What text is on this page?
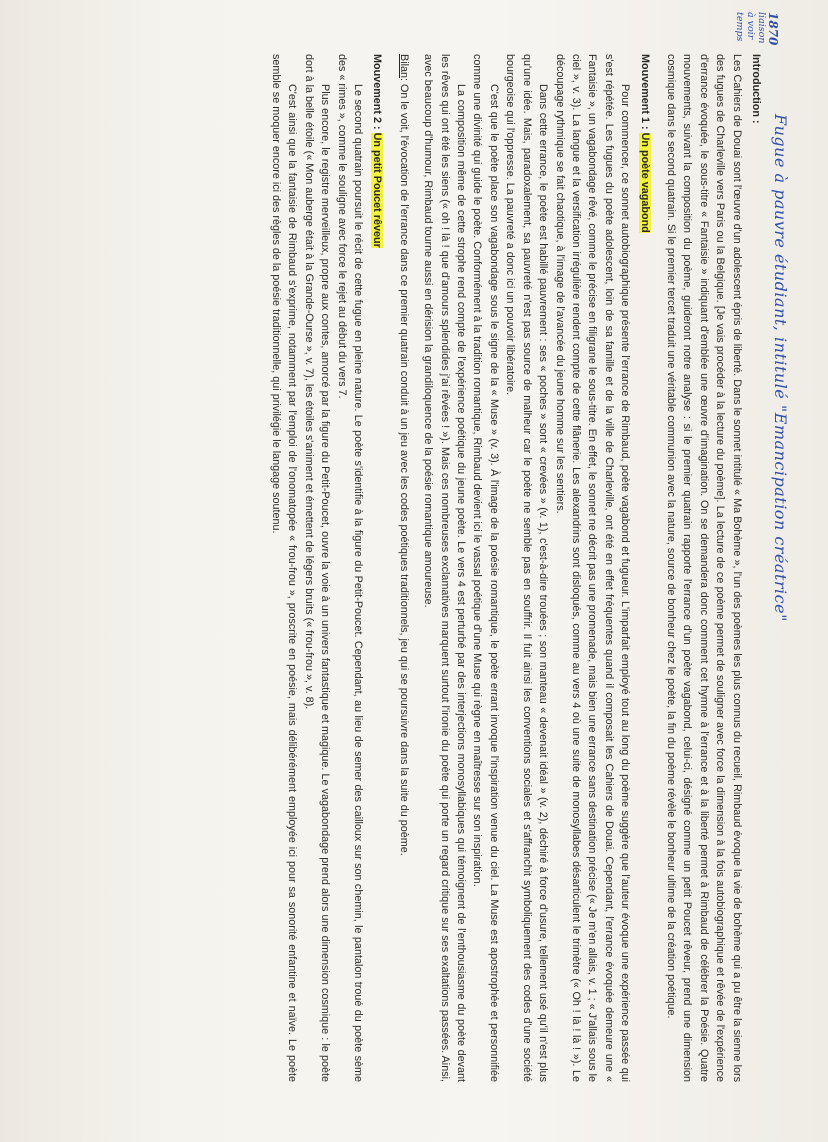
Fugue à pauvre étudiant, intitulé "Emancipation créatrice"
1870
liaison
à voir
temps
Introduction :

Les Cahiers de Douai sont l'œuvre d'un adolescent épris de liberté. Dans le sonnet intitulé « Ma Bohème », l'un des poèmes les plus connus du recueil, Rimbaud évoque la vie de bohème qui a pu être la sienne lors des fugues de Charleville vers Paris ou la Belgique. [Je vais procéder à la lecture du poème]. La lecture de ce poème permet de souligner avec force la dimension à la fois autobiographique et rêvée de l'expérience d'errance évoquée, le sous-titre « Fantaisie » indiquant d'emblée une œuvre d'imagination. On se demandera donc comment cet hymne à l'errance et à la liberté permet à Rimbaud de célébrer la Poésie. Quatre mouvements, suivant la composition du poème, guideront notre analyse : si le premier quatrain rapporte l'errance d'un poète vagabond, celui-ci, désigné comme un petit Poucet rêveur, prend une dimension cosmique dans le second quatrain. Si le premier tercet traduit une véritable communion avec la nature, source de bonheur chez le poète, la fin du poème révèle le bonheur ultime de la création poétique.

Mouvement 1 : Un poète vagabond

Pour commencer, ce sonnet autobiographique présente l'errance de Rimbaud, poète vagabond et fugueur. L'imparfait employé tout au long du poème suggère que l'auteur évoque une expérience passée qui s'est répétée. Les fugues du poète adolescent, loin de sa famille et de la ville de Charleville, ont été en effet fréquentes quand il composait les Cahiers de Douai. Cependant, l'errance évoquée demeure une « Fantaisie », un vagabondage rêvé, comme le précise en filigrane le sous-titre. En effet, le sonnet ne décrit pas une promenade, mais bien une errance sans destination précise (« Je m'en allais, v. 1 ; « J'allais sous le ciel », v. 3). La langue et la versification irrégulière rendent compte de cette flânerie. Les alexandrins sont disloqués, comme au vers 4 où une suite de monosyllabes désarticulent le trimètre (« Oh ! là ! là ! »). Le découpage rythmique se fait chaotique, à l'image de l'avancée du jeune homme sur les sentiers.

Dans cette errance, le poète est habillé pauvrement : ses « poches » sont « crevées » (v. 1), c'est-à-dire trouées ; son manteau « devenait idéal » (v. 2), déchiré à force d'usure, tellement usé qu'il n'est plus qu'une idée. Mais, paradoxalement, sa pauvreté n'est pas source de malheur car le poète ne semble pas en souffrir. Il fuit ainsi les conventions sociales et s'affranchit symboliquement des codes d'une société bourgeoise qui l'oppresse. La pauvreté a donc ici un pouvoir libératoire.

C'est que le poète place son vagabondage sous le signe de la « Muse » (v. 3). À l'image de la poésie romantique, le poète errant invoque l'inspiration venue du ciel. La Muse est apostrophée et personnifiée comme une divinité qui guide le poète. Conformément à la tradition romantique, Rimbaud devient ici le vassal poétique d'une Muse qui règne en maîtresse sur son inspiration.

La composition même de cette strophe rend compte de l'expérience poétique du jeune poète. Le vers 4 est perturbé par des interjections monosyllabiques qui témoignent de l'enthousiasme du poète devant les rêves qui ont été les siens (« oh ! là ! que d'amours splendides j'ai rêvées ! »). Mais ces nombreuses exclamatives marquent surtout l'ironie du poète qui porte un regard critique sur ses exaltations passées. Ainsi, avec beaucoup d'humour, Rimbaud tourne aussi en dérision la grandiloquence de la poésie romantique amoureuse.

Bilan: On le voit, l'évocation de l'errance dans ce premier quatrain conduit à un jeu avec les codes poétiques traditionnels, jeu qui se poursuivre dans la suite du poème.

Mouvement 2 : Un petit Poucet rêveur

Le second quatrain poursuit le récit de cette fugue en pleine nature. Le poète s'identifie à la figure du Petit-Poucet. Cependant, au lieu de semer des cailloux sur son chemin, le pantalon troué du poète sème des « rimes », comme le souligne avec force le rejet au début du vers 7.

Plus encore, le registre merveilleux, propre aux contes, amorcé par la figure du Petit-Poucet, ouvre la voie à un univers fantastique et magique. Le vagabondage prend alors une dimension cosmique : le poète dort à la belle étoile (« Mon auberge était à la Grande-Ourse », v. 7), les étoiles s'animent et émettent de légers bruits (« frou-frou », v. 8).

C'est ainsi que la fantaisie de Rimbaud s'exprime, notamment par l'emploi de l'onomatopée « frou-frou », proscrite en poésie, mais délibérément employée ici pour sa sonorité enfantine et naïve. Le poète semble se moquer encore ici des règles de la poésie traditionnelle, qui privilégie le langage soutenu.
